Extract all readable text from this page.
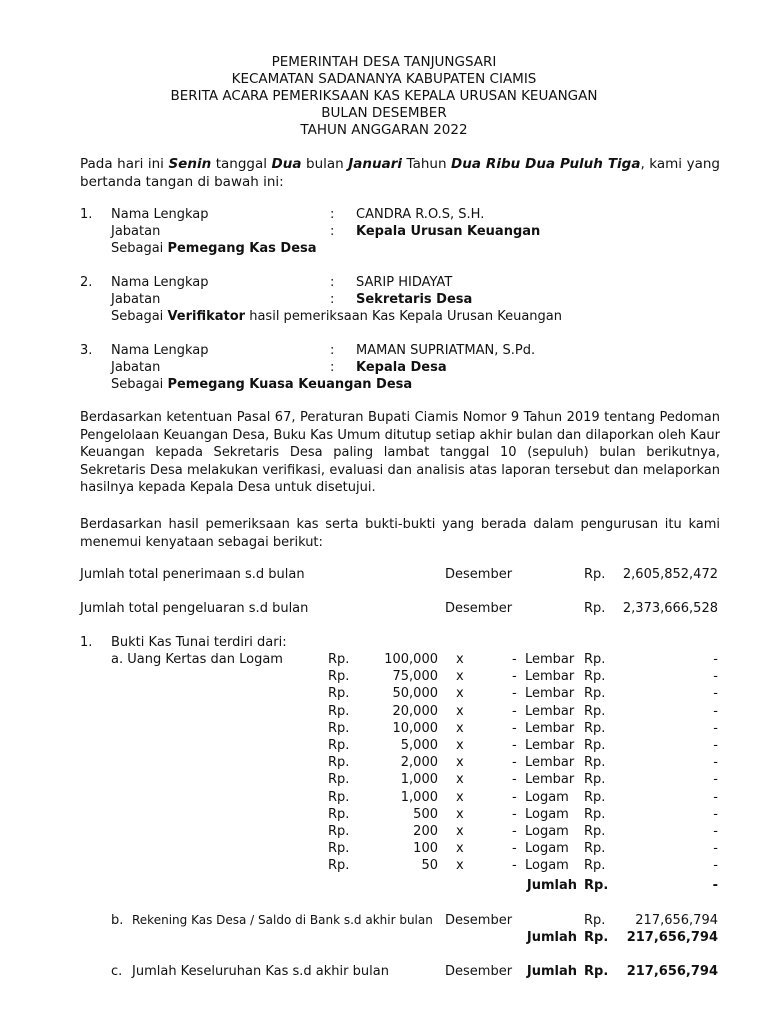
PEMERINTAH DESA TANJUNGSARI
KECAMATAN SADANANYA KABUPATEN CIAMIS
BERITA ACARA PEMERIKSAAN KAS KEPALA URUSAN KEUANGAN
BULAN DESEMBER
TAHUN ANGGARAN 2022
Pada hari ini Senin tanggal Dua bulan Januari Tahun Dua Ribu Dua Puluh Tiga, kami yang bertanda tangan di bawah ini:
1. Nama Lengkap	: CANDRA R.O.S, S.H.
Jabatan	: Kepala Urusan Keuangan
Sebagai Pemegang Kas Desa
2. Nama Lengkap	: SARIP HIDAYAT
Jabatan	: Sekretaris Desa
Sebagai Verifikator hasil pemeriksaan Kas Kepala Urusan Keuangan
3. Nama Lengkap	: MAMAN SUPRIATMAN, S.Pd.
Jabatan	: Kepala Desa
Sebagai Pemegang Kuasa Keuangan Desa
Berdasarkan ketentuan Pasal 67, Peraturan Bupati Ciamis Nomor 9 Tahun 2019 tentang Pedoman Pengelolaan Keuangan Desa, Buku Kas Umum ditutup setiap akhir bulan dan dilaporkan oleh Kaur Keuangan kepada Sekretaris Desa paling lambat tanggal 10 (sepuluh) bulan berikutnya, Sekretaris Desa melakukan verifikasi, evaluasi dan analisis atas laporan tersebut dan melaporkan hasilnya kepada Kepala Desa untuk disetujui.
Berdasarkan hasil pemeriksaan kas serta bukti-bukti yang berada dalam pengurusan itu kami menemui kenyataan sebagai berikut:
Jumlah total penerimaan s.d bulan	Desember	Rp. 2,605,852,472
Jumlah total pengeluaran s.d bulan	Desember	Rp. 2,373,666,528
1. Bukti Kas Tunai terdiri dari:
a. Uang Kertas dan Logam	Rp.	100,000 x	- Lembar Rp.	-
Rp.	75,000 x	- Lembar Rp.	-
Rp.	50,000 x	- Lembar Rp.	-
Rp.	20,000 x	- Lembar Rp.	-
Rp.	10,000 x	- Lembar Rp.	-
Rp.	5,000 x	- Lembar Rp.	-
Rp.	2,000 x	- Lembar Rp.	-
Rp.	1,000 x	- Lembar Rp.	-
Rp.	1,000 x	- Logam Rp.	-
Rp.	500 x	- Logam Rp.	-
Rp.	200 x	- Logam Rp.	-
Rp.	100 x	- Logam Rp.	-
Rp.	50 x	- Logam Rp.	-
Jumlah Rp.	-
b. Rekening Kas Desa / Saldo di Bank s.d akhir bulan Desember	Rp. 217,656,794
Jumlah Rp. 217,656,794
c. Jumlah Keseluruhan Kas s.d akhir bulan	Desember Jumlah Rp. 217,656,794
